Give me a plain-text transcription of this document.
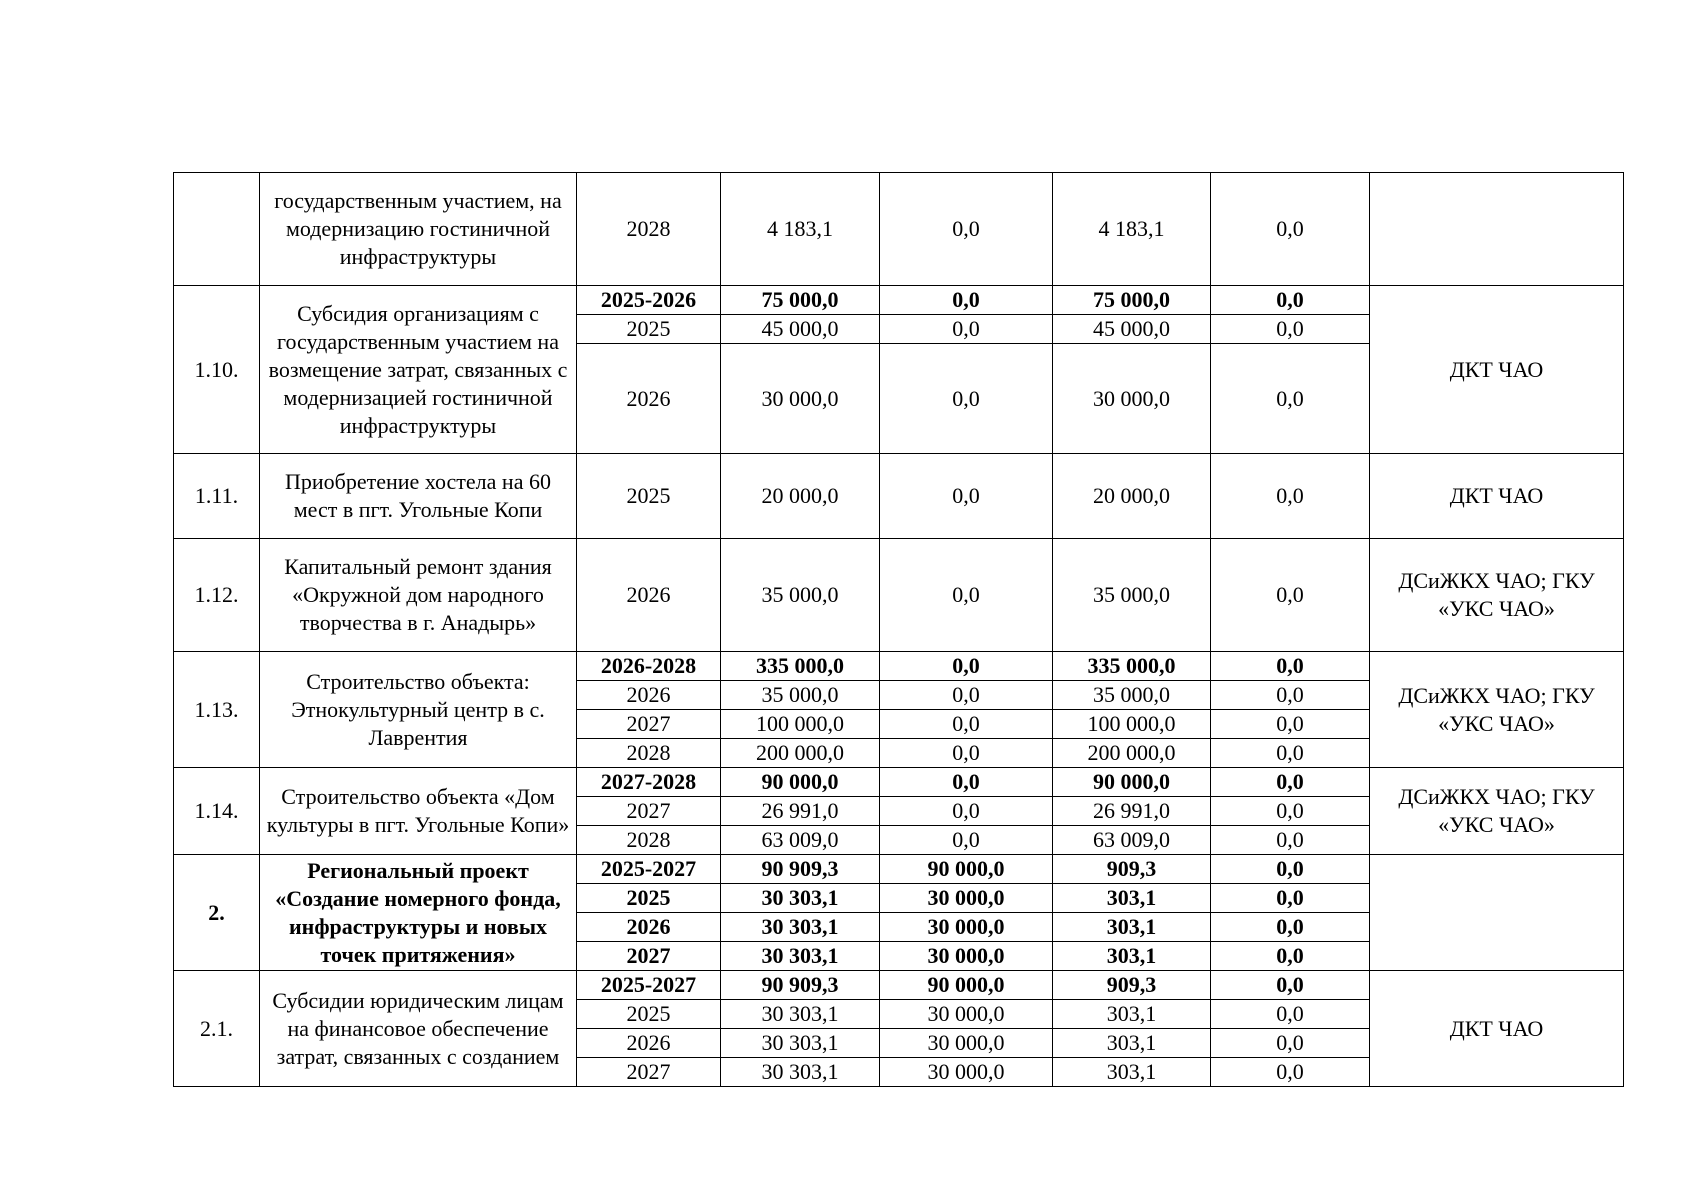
	государственным участием, на модернизацию гостиничной инфраструктуры	2028	4 183,1	0,0	4 183,1	0,0	
1.10.	Субсидия организациям с государственным участием на возмещение затрат, связанных с модернизацией гостиничной инфраструктуры	2025-2026	75 000,0	0,0	75 000,0	0,0	ДКТ ЧАО
		2025	45 000,0	0,0	45 000,0	0,0	
		2026	30 000,0	0,0	30 000,0	0,0	
1.11.	Приобретение хостела на 60 мест в пгт. Угольные Копи	2025	20 000,0	0,0	20 000,0	0,0	ДКТ ЧАО
1.12.	Капитальный ремонт здания «Окружной дом народного творчества в г. Анадырь»	2026	35 000,0	0,0	35 000,0	0,0	ДСиЖКХ ЧАО; ГКУ «УКС ЧАО»
1.13.	Строительство объекта: Этнокультурный центр в с. Лаврентия	2026-2028	335 000,0	0,0	335 000,0	0,0	ДСиЖКХ ЧАО; ГКУ «УКС ЧАО»
		2026	35 000,0	0,0	35 000,0	0,0	
		2027	100 000,0	0,0	100 000,0	0,0	
		2028	200 000,0	0,0	200 000,0	0,0	
1.14.	Строительство объекта «Дом культуры в пгт. Угольные Копи»	2027-2028	90 000,0	0,0	90 000,0	0,0	ДСиЖКХ ЧАО; ГКУ «УКС ЧАО»
		2027	26 991,0	0,0	26 991,0	0,0	
		2028	63 009,0	0,0	63 009,0	0,0	
2.	Региональный проект «Создание номерного фонда, инфраструктуры и новых точек притяжения»	2025-2027	90 909,3	90 000,0	909,3	0,0	
		2025	30 303,1	30 000,0	303,1	0,0	
		2026	30 303,1	30 000,0	303,1	0,0	
		2027	30 303,1	30 000,0	303,1	0,0	
2.1.	Субсидии юридическим лицам на финансовое обеспечение затрат, связанных с созданием	2025-2027	90 909,3	90 000,0	909,3	0,0	ДКТ ЧАО
		2025	30 303,1	30 000,0	303,1	0,0	
		2026	30 303,1	30 000,0	303,1	0,0	
		2027	30 303,1	30 000,0	303,1	0,0	
